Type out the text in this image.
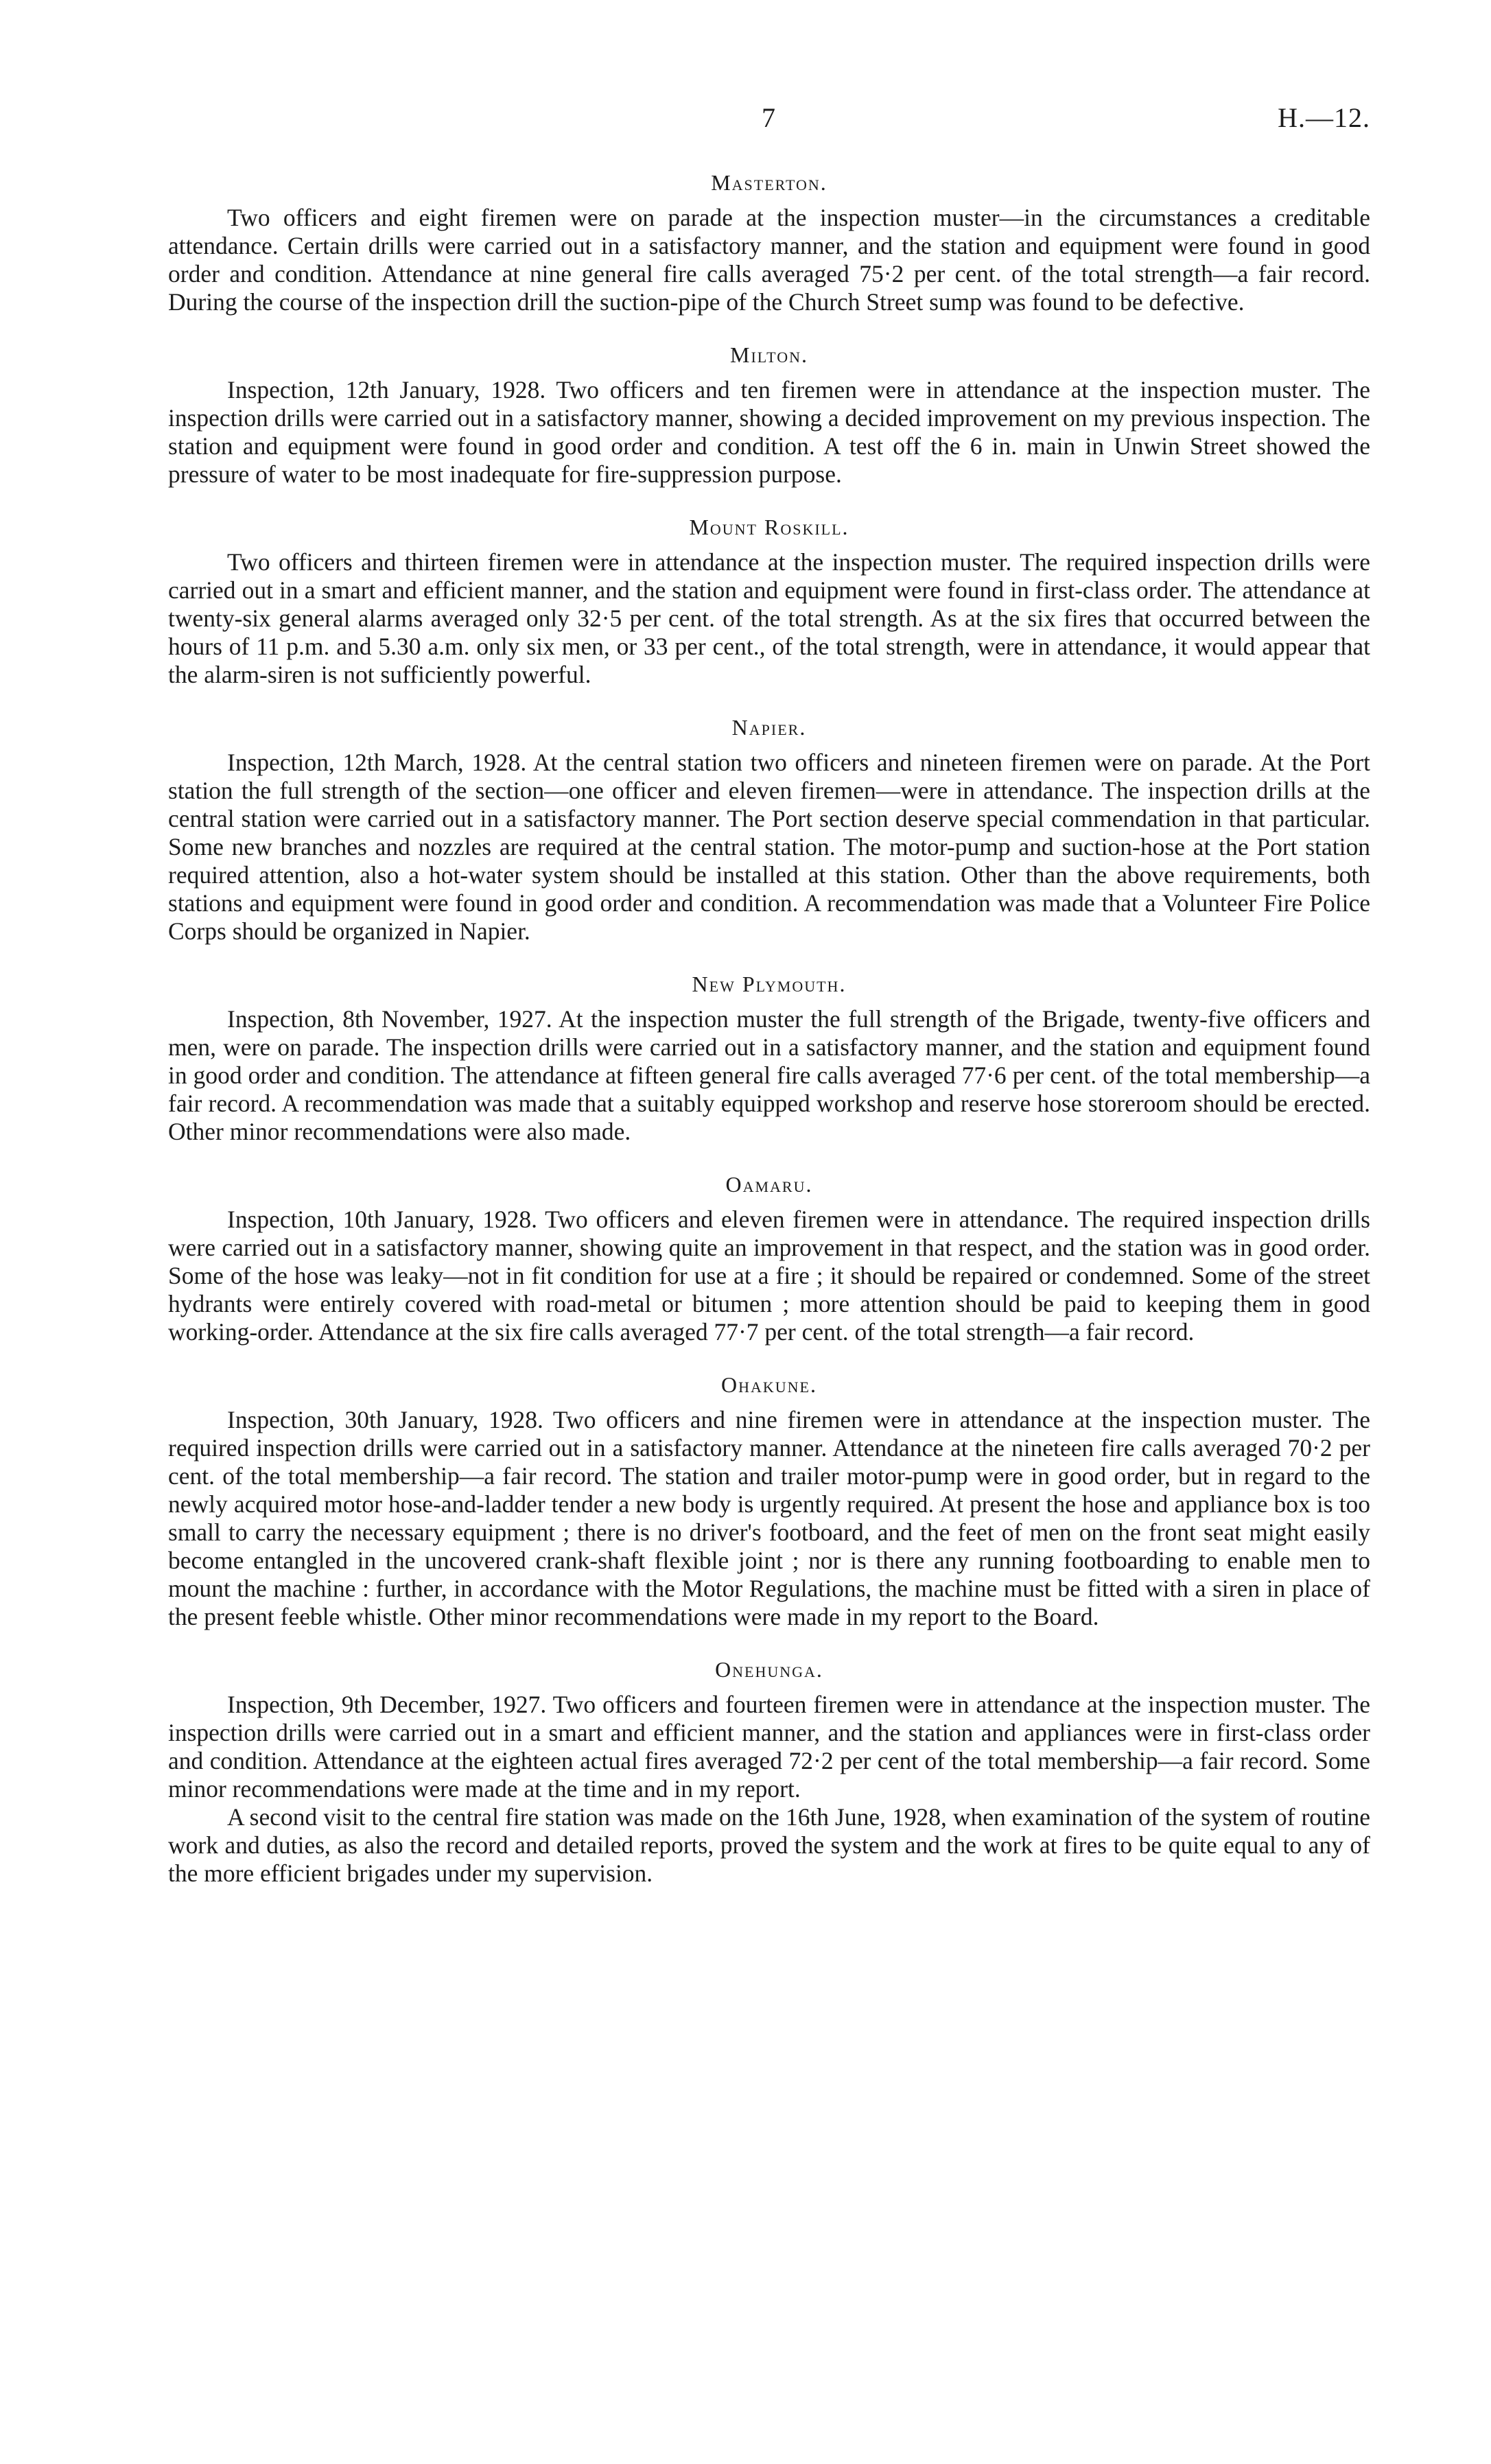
7	H.—12.
Masterton.

Two officers and eight firemen were on parade at the inspection muster—in the circumstances a creditable attendance. Certain drills were carried out in a satisfactory manner, and the station and equipment were found in good order and condition. Attendance at nine general fire calls averaged 75·2 per cent. of the total strength—a fair record. During the course of the inspection drill the suction-pipe of the Church Street sump was found to be defective.

Milton.

Inspection, 12th January, 1928. Two officers and ten firemen were in attendance at the inspection muster. The inspection drills were carried out in a satisfactory manner, showing a decided improvement on my previous inspection. The station and equipment were found in good order and condition. A test off the 6 in. main in Unwin Street showed the pressure of water to be most inadequate for fire-suppression purpose.

Mount Roskill.

Two officers and thirteen firemen were in attendance at the inspection muster. The required inspection drills were carried out in a smart and efficient manner, and the station and equipment were found in first-class order. The attendance at twenty-six general alarms averaged only 32·5 per cent. of the total strength. As at the six fires that occurred between the hours of 11 p.m. and 5.30 a.m. only six men, or 33 per cent., of the total strength, were in attendance, it would appear that the alarm-siren is not sufficiently powerful.

Napier.

Inspection, 12th March, 1928. At the central station two officers and nineteen firemen were on parade. At the Port station the full strength of the section—one officer and eleven firemen—were in attendance. The inspection drills at the central station were carried out in a satisfactory manner. The Port section deserve special commendation in that particular. Some new branches and nozzles are required at the central station. The motor-pump and suction-hose at the Port station required attention, also a hot-water system should be installed at this station. Other than the above requirements, both stations and equipment were found in good order and condition. A recommendation was made that a Volunteer Fire Police Corps should be organized in Napier.

New Plymouth.

Inspection, 8th November, 1927. At the inspection muster the full strength of the Brigade, twenty-five officers and men, were on parade. The inspection drills were carried out in a satisfactory manner, and the station and equipment found in good order and condition. The attendance at fifteen general fire calls averaged 77·6 per cent. of the total membership—a fair record. A recommendation was made that a suitably equipped workshop and reserve hose storeroom should be erected. Other minor recommendations were also made.

Oamaru.

Inspection, 10th January, 1928. Two officers and eleven firemen were in attendance. The required inspection drills were carried out in a satisfactory manner, showing quite an improvement in that respect, and the station was in good order. Some of the hose was leaky—not in fit condition for use at a fire ; it should be repaired or condemned. Some of the street hydrants were entirely covered with road-metal or bitumen ; more attention should be paid to keeping them in good working-order. Attendance at the six fire calls averaged 77·7 per cent. of the total strength—a fair record.

Ohakune.

Inspection, 30th January, 1928. Two officers and nine firemen were in attendance at the inspection muster. The required inspection drills were carried out in a satisfactory manner. Attendance at the nineteen fire calls averaged 70·2 per cent. of the total membership—a fair record. The station and trailer motor-pump were in good order, but in regard to the newly acquired motor hose-and-ladder tender a new body is urgently required. At present the hose and appliance box is too small to carry the necessary equipment ; there is no driver's footboard, and the feet of men on the front seat might easily become entangled in the uncovered crank-shaft flexible joint ; nor is there any running footboarding to enable men to mount the machine : further, in accordance with the Motor Regulations, the machine must be fitted with a siren in place of the present feeble whistle. Other minor recommendations were made in my report to the Board.

Onehunga.

Inspection, 9th December, 1927. Two officers and fourteen firemen were in attendance at the inspection muster. The inspection drills were carried out in a smart and efficient manner, and the station and appliances were in first-class order and condition. Attendance at the eighteen actual fires averaged 72·2 per cent of the total membership—a fair record. Some minor recommendations were made at the time and in my report.

A second visit to the central fire station was made on the 16th June, 1928, when examination of the system of routine work and duties, as also the record and detailed reports, proved the system and the work at fires to be quite equal to any of the more efficient brigades under my supervision.
